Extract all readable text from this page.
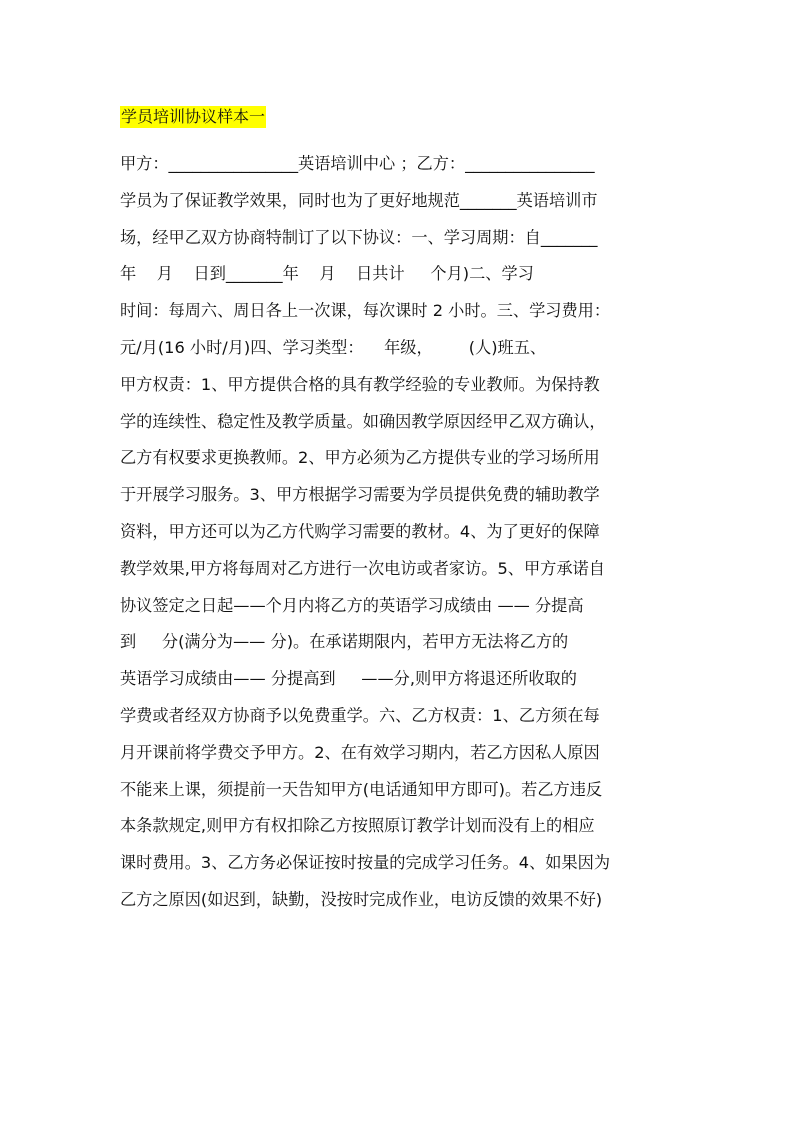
学员培训协议样本一
甲方：________________英语培训中心 ；乙方：________________
学员为了保证教学效果，同时也为了更好地规范_______英语培训市
场，经甲乙双方协商特制订了以下协议：一、学习周期：自_______
年    月    日到_______年    月    日共计     个月)二、学习
时间：每周六、周日各上一次课，每次课时 2 小时。三、学习费用：
元/月(16 小时/月)四、学习类型：    年级，       (人)班五、
甲方权责：1、甲方提供合格的具有教学经验的专业教师。为保持教
学的连续性、稳定性及教学质量。如确因教学原因经甲乙双方确认，
乙方有权要求更换教师。2、甲方必须为乙方提供专业的学习场所用
于开展学习服务。3、甲方根据学习需要为学员提供免费的辅助教学
资料，甲方还可以为乙方代购学习需要的教材。4、为了更好的保障
教学效果,甲方将每周对乙方进行一次电访或者家访。5、甲方承诺自
协议签定之日起——个月内将乙方的英语学习成绩由 —— 分提高
到     分(满分为—— 分)。在承诺期限内，若甲方无法将乙方的
英语学习成绩由—— 分提高到     ——分,则甲方将退还所收取的
学费或者经双方协商予以免费重学。六、乙方权责：1、乙方须在每
月开课前将学费交予甲方。2、在有效学习期内，若乙方因私人原因
不能来上课，须提前一天告知甲方(电话通知甲方即可)。若乙方违反
本条款规定,则甲方有权扣除乙方按照原订教学计划而没有上的相应
课时费用。3、乙方务必保证按时按量的完成学习任务。4、如果因为
乙方之原因(如迟到，缺勤，没按时完成作业，电访反馈的效果不好)
